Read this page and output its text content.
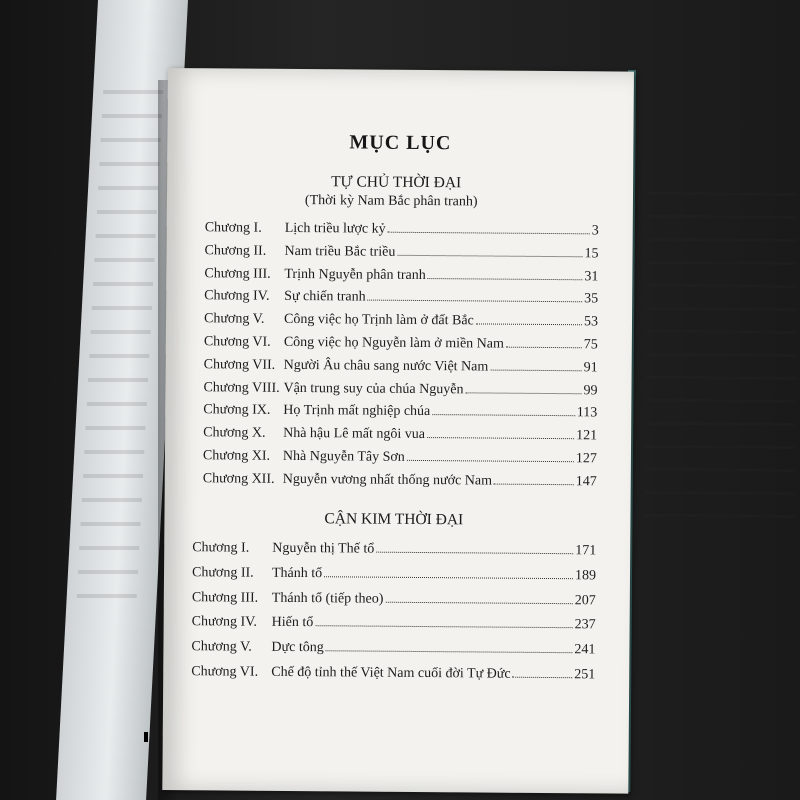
MỤC LỤC
TỰ CHỦ THỜI ĐẠI
(Thời kỳ Nam Bắc phân tranh)
Chương I.	Lịch triều lược kỷ	3
Chương II.	Nam triều Bắc triều	15
Chương III. Trịnh Nguyễn phân tranh	31
Chương IV.	Sự chiến tranh	35
Chương V.	Công việc họ Trịnh làm ở đất Bắc	53
Chương VI. Công việc họ Nguyễn làm ở miền Nam	75
Chương VII. Người Âu châu sang nước Việt Nam	91
Chương VIII. Vận trung suy của chúa Nguyễn	99
Chương IX. Họ Trịnh mất nghiệp chúa	113
Chương X.	Nhà hậu Lê mất ngôi vua	121
Chương XI. Nhà Nguyễn Tây Sơn	127
Chương XII. Nguyễn vương nhất thống nước Nam	147
CẬN KIM THỜI ĐẠI
Chương I.	Nguyễn thị Thế tổ	171
Chương II.	Thánh tổ	189
Chương III. Thánh tổ (tiếp theo)	207
Chương IV.	Hiến tổ	237
Chương V.	Dực tông	241
Chương VI. Chế độ tỉnh thế Việt Nam cuối đời Tự Đức	251
